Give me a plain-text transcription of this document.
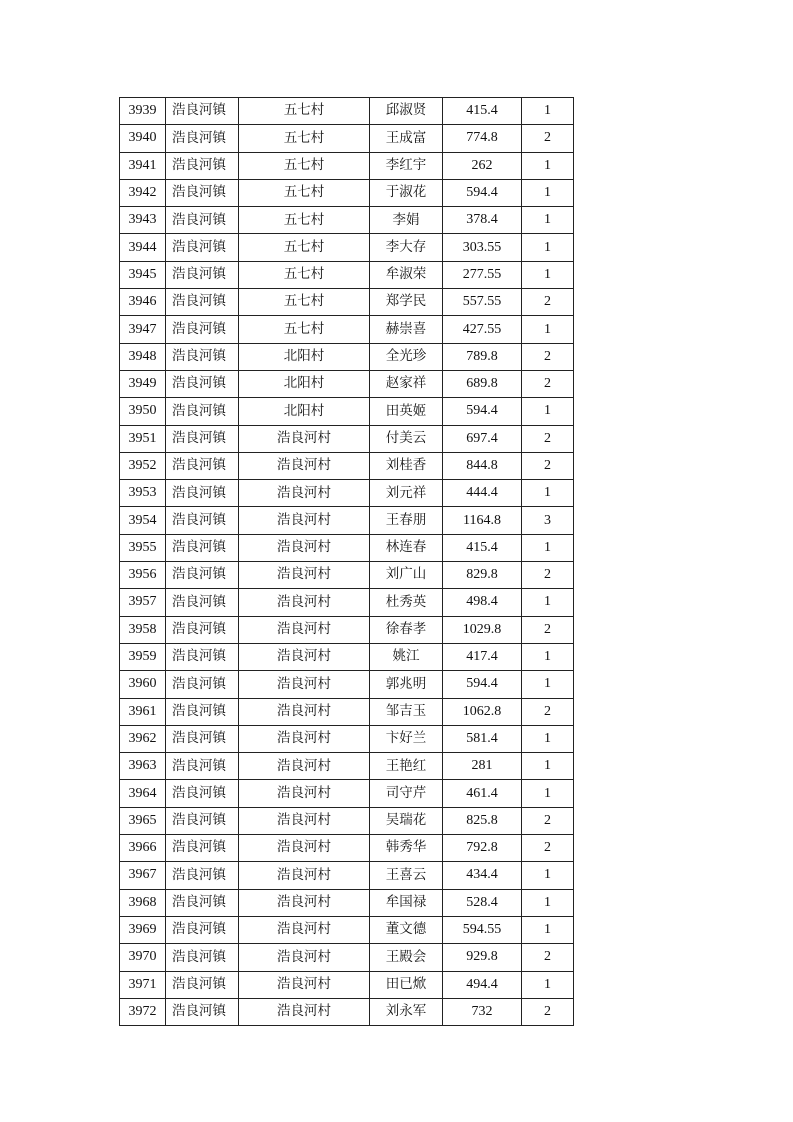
3939	浩良河镇	五七村	邱淑贤	415.4	1
3940	浩良河镇	五七村	王成富	774.8	2
3941	浩良河镇	五七村	李红宇	262	1
3942	浩良河镇	五七村	于淑花	594.4	1
3943	浩良河镇	五七村	李娟	378.4	1
3944	浩良河镇	五七村	李大存	303.55	1
3945	浩良河镇	五七村	牟淑荣	277.55	1
3946	浩良河镇	五七村	郑学民	557.55	2
3947	浩良河镇	五七村	赫崇喜	427.55	1
3948	浩良河镇	北阳村	全光珍	789.8	2
3949	浩良河镇	北阳村	赵家祥	689.8	2
3950	浩良河镇	北阳村	田英姬	594.4	1
3951	浩良河镇	浩良河村	付美云	697.4	2
3952	浩良河镇	浩良河村	刘桂香	844.8	2
3953	浩良河镇	浩良河村	刘元祥	444.4	1
3954	浩良河镇	浩良河村	王春朋	1164.8	3
3955	浩良河镇	浩良河村	林连春	415.4	1
3956	浩良河镇	浩良河村	刘广山	829.8	2
3957	浩良河镇	浩良河村	杜秀英	498.4	1
3958	浩良河镇	浩良河村	徐春孝	1029.8	2
3959	浩良河镇	浩良河村	姚江	417.4	1
3960	浩良河镇	浩良河村	郭兆明	594.4	1
3961	浩良河镇	浩良河村	邹吉玉	1062.8	2
3962	浩良河镇	浩良河村	卞好兰	581.4	1
3963	浩良河镇	浩良河村	王艳红	281	1
3964	浩良河镇	浩良河村	司守芹	461.4	1
3965	浩良河镇	浩良河村	吴瑞花	825.8	2
3966	浩良河镇	浩良河村	韩秀华	792.8	2
3967	浩良河镇	浩良河村	王喜云	434.4	1
3968	浩良河镇	浩良河村	牟国禄	528.4	1
3969	浩良河镇	浩良河村	董文德	594.55	1
3970	浩良河镇	浩良河村	王殿会	929.8	2
3971	浩良河镇	浩良河村	田已焮	494.4	1
3972	浩良河镇	浩良河村	刘永军	732	2
